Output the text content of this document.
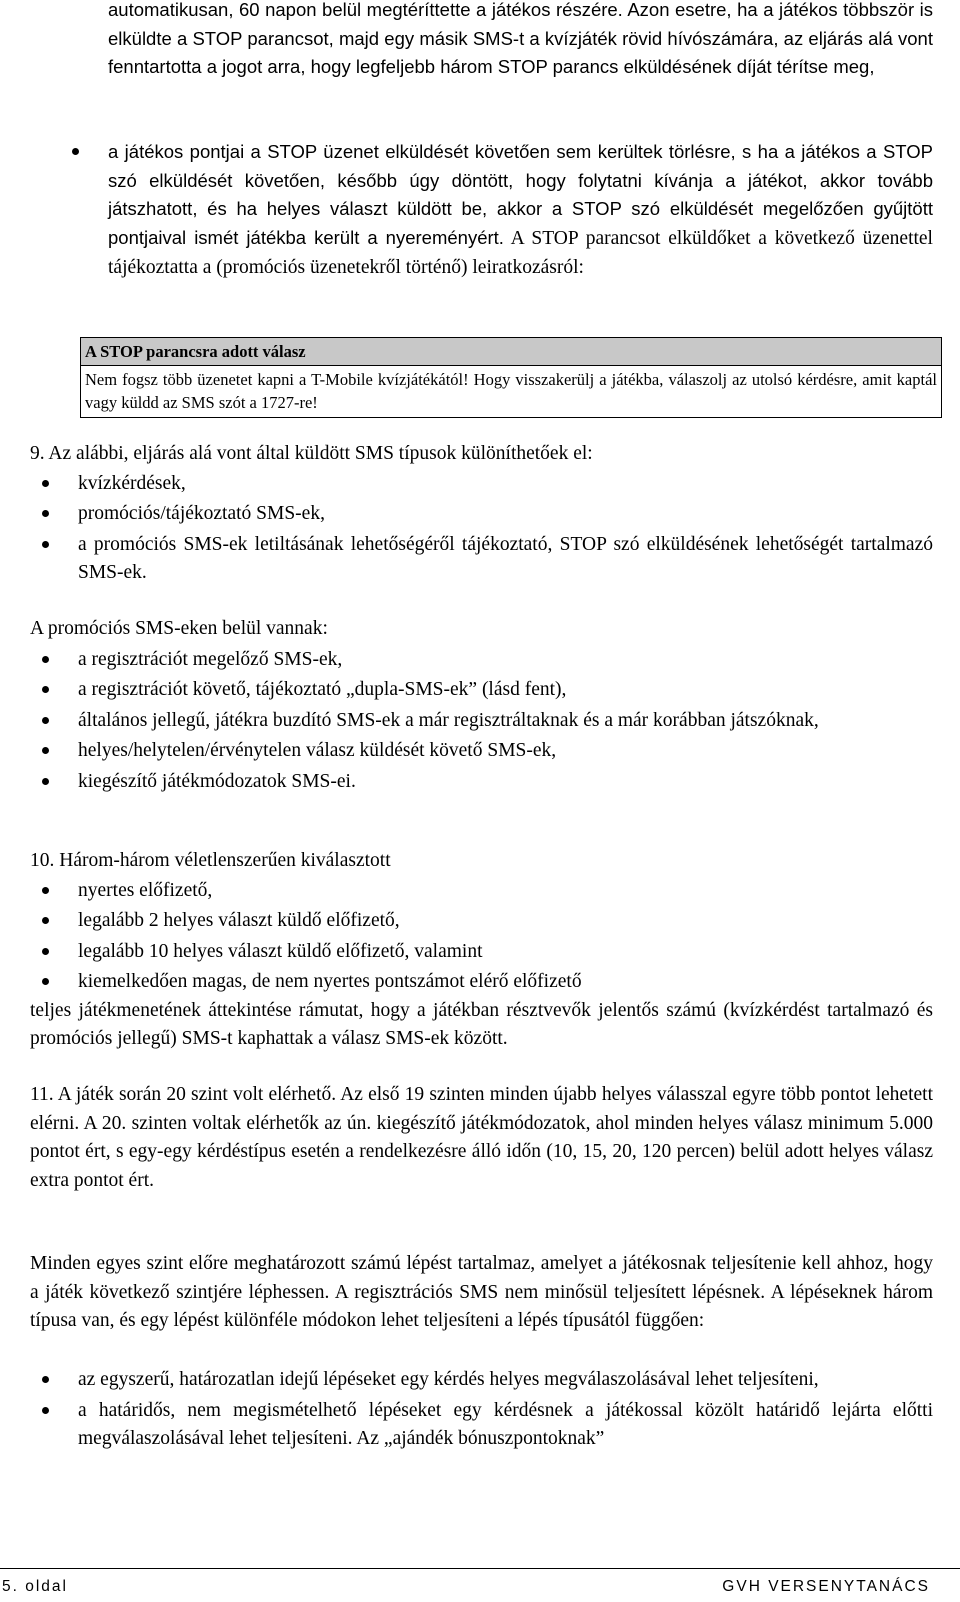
automatikusan, 60 napon belül megtéríttette a játékos részére. Azon esetre, ha a játékos többször is elküldte a STOP parancsot, majd egy másik SMS-t a kvízjáték rövid hívószámára, az eljárás alá vont fenntartotta a jogot arra, hogy legfeljebb három STOP parancs elküldésének díját térítse meg,

a játékos pontjai a STOP üzenet elküldését követően sem kerültek törlésre, s ha a játékos a STOP szó elküldését követően, később úgy döntött, hogy folytatni kívánja a játékot, akkor tovább játszhatott, és ha helyes választ küldött be, akkor a STOP szó elküldését megelőzően gyűjtött pontjaival ismét játékba került a nyereményért. A STOP parancsot elküldőket a következő üzenettel tájékoztatta a (promóciós üzenetekről történő) leiratkozásról:
A STOP parancsra adott válasz
Nem fogsz több üzenetet kapni a T-Mobile kvízjátékától! Hogy visszakerülj a játékba, válaszolj az utolsó kérdésre, amit kaptál vagy küldd az SMS szót a 1727-re!
9. Az alábbi, eljárás alá vont által küldött SMS típusok különíthetőek el:
kvízkérdések,
promóciós/tájékoztató SMS-ek,
a promóciós SMS-ek letiltásának lehetőségéről tájékoztató, STOP szó elküldésének lehetőségét tartalmazó SMS-ek.
A promóciós SMS-eken belül vannak:
a regisztrációt megelőző SMS-ek,
a regisztrációt követő, tájékoztató „dupla-SMS-ek” (lásd fent),
általános jellegű, játékra buzdító SMS-ek a már regisztráltaknak és a már korábban játszóknak,
helyes/helytelen/érvénytelen válasz küldését követő SMS-ek,
kiegészítő játékmódozatok SMS-ei.
10. Három-három véletlenszerűen kiválasztott
nyertes előfizető,
legalább 2 helyes választ küldő előfizető,
legalább 10 helyes választ küldő előfizető, valamint
kiemelkedően magas, de nem nyertes pontszámot elérő előfizető

teljes játékmenetének áttekintése rámutat, hogy a játékban résztvevők jelentős számú (kvízkérdést tartalmazó és promóciós jellegű) SMS-t kaphattak a válasz SMS-ek között.

11. A játék során 20 szint volt elérhető. Az első 19 szinten minden újabb helyes válasszal egyre több pontot lehetett elérni. A 20. szinten voltak elérhetők az ún. kiegészítő játékmódozatok, ahol minden helyes válasz minimum 5.000 pontot ért, s egy-egy kérdéstípus esetén a rendelkezésre álló időn (10, 15, 20, 120 percen) belül adott helyes válasz extra pontot ért.

Minden egyes szint előre meghatározott számú lépést tartalmaz, amelyet a játékosnak teljesítenie kell ahhoz, hogy a játék következő szintjére léphessen. A regisztrációs SMS nem minősül teljesített lépésnek. A lépéseknek három típusa van, és egy lépést különféle módokon lehet teljesíteni a lépés típusától függően:

az egyszerű, határozatlan idejű lépéseket egy kérdés helyes megválaszolásával lehet teljesíteni,
a határidős, nem megismételhető lépéseket egy kérdésnek a játékossal közölt határidő lejárta előtti megválaszolásával lehet teljesíteni. Az „ajándék bónuszpontoknak”
5. oldal	GVH VERSENYTANÁCS
